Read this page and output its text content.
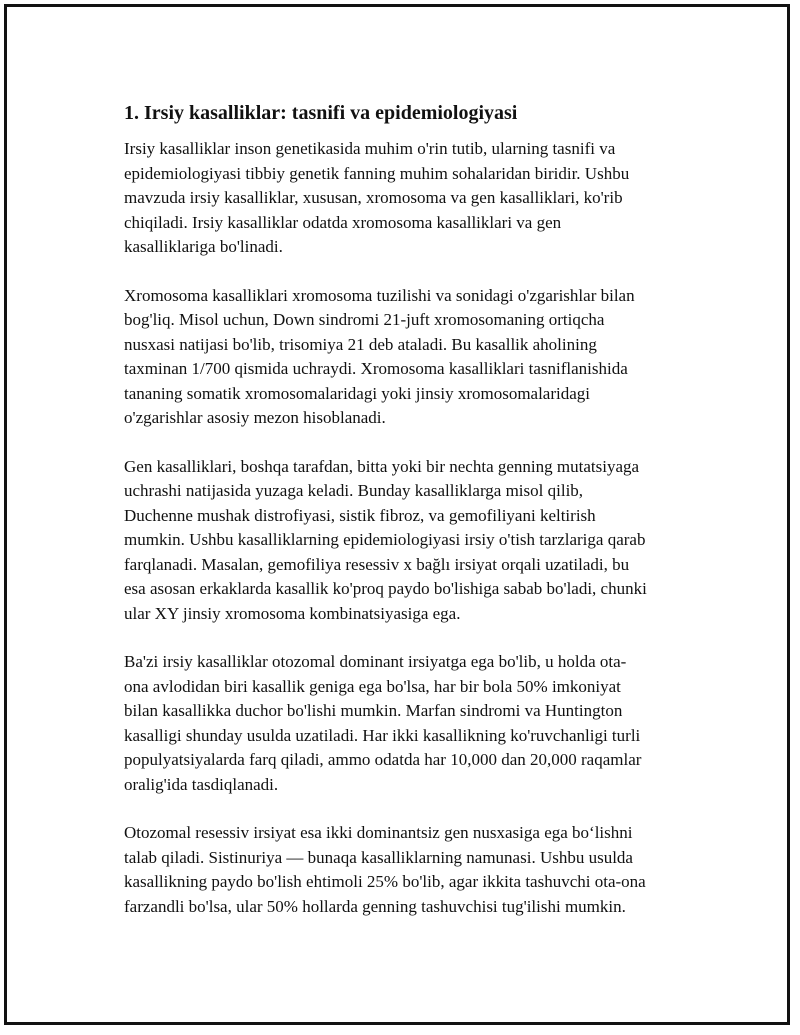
1. Irsiy kasalliklar: tasnifi va epidemiologiyasi
Irsiy kasalliklar inson genetikasida muhim o'rin tutib, ularning tasnifi va
epidemiologiyasi tibbiy genetik fanning muhim sohalaridan biridir. Ushbu
mavzuda irsiy kasalliklar, xususan, xromosoma va gen kasalliklari, ko'rib
chiqiladi. Irsiy kasalliklar odatda xromosoma kasalliklari va gen
kasalliklariga bo'linadi.
Xromosoma kasalliklari xromosoma tuzilishi va sonidagi o'zgarishlar bilan
bog'liq. Misol uchun, Down sindromi 21-juft xromosomaning ortiqcha
nusxasi natijasi bo'lib, trisomiya 21 deb ataladi. Bu kasallik aholining
taxminan 1/700 qismida uchraydi. Xromosoma kasalliklari tasniflanishida
tananing somatik xromosomalaridagi yoki jinsiy xromosomalaridagi
o'zgarishlar asosiy mezon hisoblanadi.
Gen kasalliklari, boshqa tarafdan, bitta yoki bir nechta genning mutatsiyaga
uchrashi natijasida yuzaga keladi. Bunday kasalliklarga misol qilib,
Duchenne mushak distrofiyasi, sistik fibroz, va gemofiliyani keltirish
mumkin. Ushbu kasalliklarning epidemiologiyasi irsiy o'tish tarzlariga qarab
farqlanadi. Masalan, gemofiliya resessiv x bağlı irsiyat orqali uzatiladi, bu
esa asosan erkaklarda kasallik ko'proq paydo bo'lishiga sabab bo'ladi, chunki
ular XY jinsiy xromosoma kombinatsiyasiga ega.
Ba'zi irsiy kasalliklar otozomal dominant irsiyatga ega bo'lib, u holda ota-
ona avlodidan biri kasallik geniga ega bo'lsa, har bir bola 50% imkoniyat
bilan kasallikka duchor bo'lishi mumkin. Marfan sindromi va Huntington
kasalligi shunday usulda uzatiladi. Har ikki kasallikning ko'ruvchanligi turli
populyatsiyalarda farq qiladi, ammo odatda har 10,000 dan 20,000 raqamlar
oralig'ida tasdiqlanadi.
Otozomal resessiv irsiyat esa ikki dominantsiz gen nusxasiga ega bo‘lishni
talab qiladi. Sistinuriya — bunaqa kasalliklarning namunasi. Ushbu usulda
kasallikning paydo bo'lish ehtimoli 25% bo'lib, agar ikkita tashuvchi ota-ona
farzandli bo'lsa, ular 50% hollarda genning tashuvchisi tug'ilishi mumkin.
